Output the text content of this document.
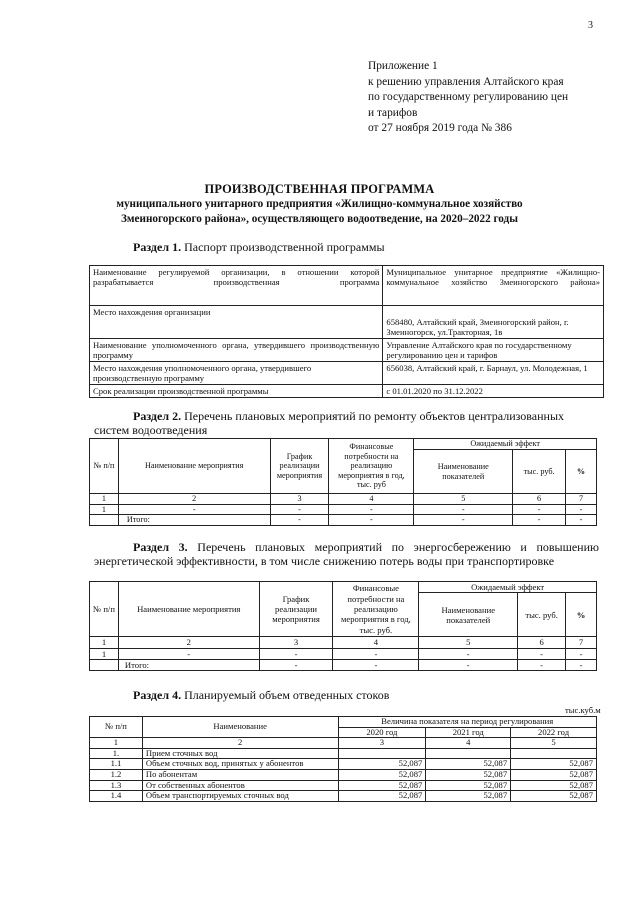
3
Приложение 1
к решению управления Алтайского края
по государственному регулированию цен
и тарифов
от 27 ноября 2019 года № 386
ПРОИЗВОДСТВЕННАЯ ПРОГРАММА
муниципального унитарного предприятия «Жилищно-коммунальное хозяйство
Змеиногорского района», осуществляющего водоотведение, на 2020–2022 годы
Раздел 1. Паспорт производственной программы
Наименование регулируемой организации, в отношении которой разрабатывается производственная программа	Муниципальное унитарное предприятие «Жилищно-коммунальное хозяйство Змеиногорского района»
Место нахождения организации	658480, Алтайский край, Змеиногорский район, г. Змеиногорск, ул.Тракторная, 1в
Наименование уполномоченного органа, утвердившего производственную программу	Управление Алтайского края по государственному регулированию цен и тарифов
Место нахождения уполномоченного органа, утвердившего производственную программу	656038, Алтайский край, г. Барнаул, ул. Молодежная, 1
Срок реализации производственной программы	с 01.01.2020 по 31.12.2022
Раздел 2. Перечень плановых мероприятий по ремонту объектов централизованных систем водоотведения
№ п/п	Наименование мероприятия	График реализации мероприятия	Финансовые потребности на реализацию мероприятия в год, тыс. руб	Ожидаемый эффект		
				Наименование показателей	тыс. руб.	%
1	2	3	4	5	6	7
1	-	-	-	-	-	-
	Итого:	-	-	-	-	-
Раздел 3. Перечень плановых мероприятий по энергосбережению и повышению энергетической эффективности, в том числе снижению потерь воды при транспортировке
№ п/п	Наименование мероприятия	График реализации мероприятия	Финансовые потребности на реализацию мероприятия в год, тыс. руб.	Ожидаемый эффект		
				Наименование показателей	тыс. руб.	%
1	2	3	4	5	6	7
1	-	-	-	-	-	-
	Итого:	-	-	-	-	-
Раздел 4. Планируемый объем отведенных стоков
тыс.куб.м
№ п/п	Наименование	Величина показателя на период регулирования		
		2020 год	2021 год	2022 год
1	2	3	4	5
1.	Прием сточных вод			
1.1	Объем сточных вод, принятых у абонентов	52,087	52,087	52,087
1.2	По абонентам	52,087	52,087	52,087
1.3	От собственных абонентов	52,087	52,087	52,087
1.4	Объем транспортируемых сточных вод	52,087	52,087	52,087
